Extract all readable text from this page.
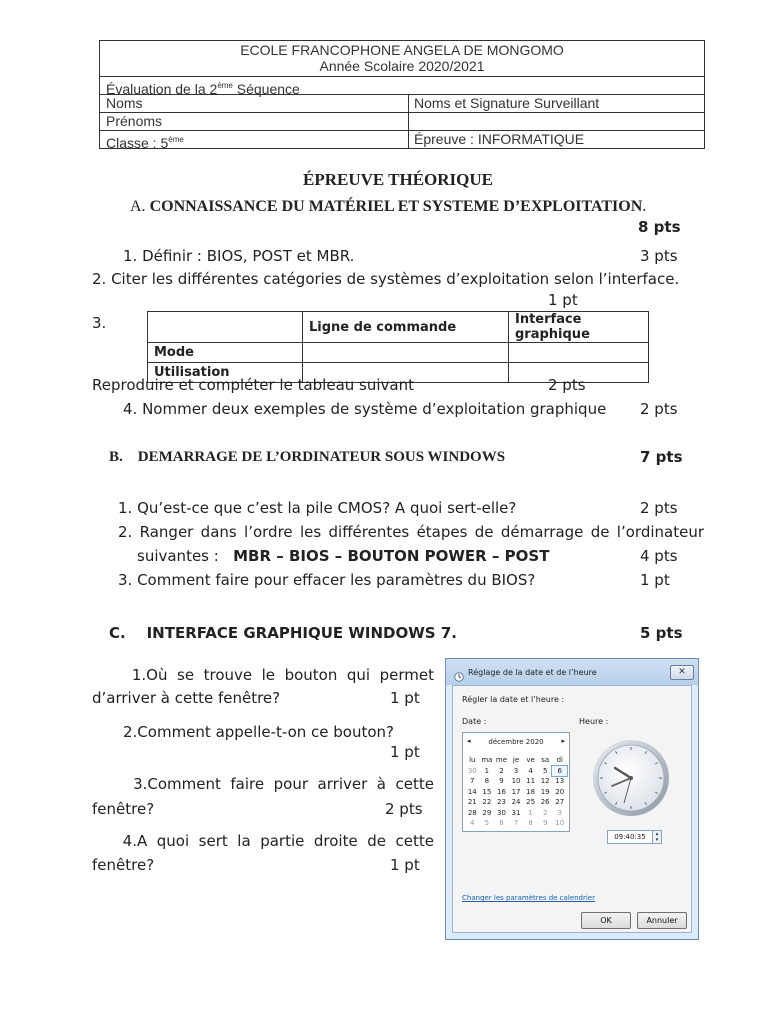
ECOLE FRANCOPHONE ANGELA DE MONGOMO
Année Scolaire 2020/2021
Évaluation de la 2ème Séquence
Noms	Noms et Signature Surveillant
Prénoms
Classe : 5ème	Épreuve : INFORMATIQUE
ÉPREUVE THÉORIQUE
A. CONNAISSANCE DU MATÉRIEL ET SYSTEME D’EXPLOITATION.
8 pts
1. Définir : BIOS, POST et MBR.	3 pts
2. Citer les différentes catégories de systèmes d’exploitation selon l’interface.
1 pt
3.
		Ligne de commande	Interface graphique
Mode		
Utilisation		
Reproduire et compléter le tableau suivant	2 pts
4. Nommer deux exemples de système d’exploitation graphique 2 pts
B.    DEMARRAGE DE L’ORDINATEUR SOUS WINDOWS	7 pts
1. Qu’est-ce que c’est la pile CMOS? A quoi sert-elle?	2 pts
2. Ranger dans l’ordre les différentes étapes de démarrage de l’ordinateur
suivantes : MBR – BIOS – BOUTON POWER – POST	4 pts
3. Comment faire pour effacer les paramètres du BIOS?	1 pt
C.    INTERFACE GRAPHIQUE WINDOWS 7.	5 pts
1.Où  se  trouve  le  bouton  qui  permet
d’arriver à cette fenêtre?	1 pt
2.Comment appelle-t-on ce bouton?
1 pt
3.Comment  faire  pour  arriver  à  cette
fenêtre?	2 pts
4.A  quoi  sert  la  partie  droite  de  cette
fenêtre?	1 pt
Réglage de la date et de l’heure	✕
Régler la date et l’heure :
Date :	Heure :
◂	décembre 2020	▸
lu ma me je	ve sa	di
30	1	2	3	4	5	6
7	8	9	10 11 12 13
14 15 16 17 18 19 20
21 22 23 24 25 26 27
28 29 30 31	1	2	3
4	5	6	7	8	9	10
09:40:35	▴
▾
Changer les paramètres de calendrier
OK	Annuler
